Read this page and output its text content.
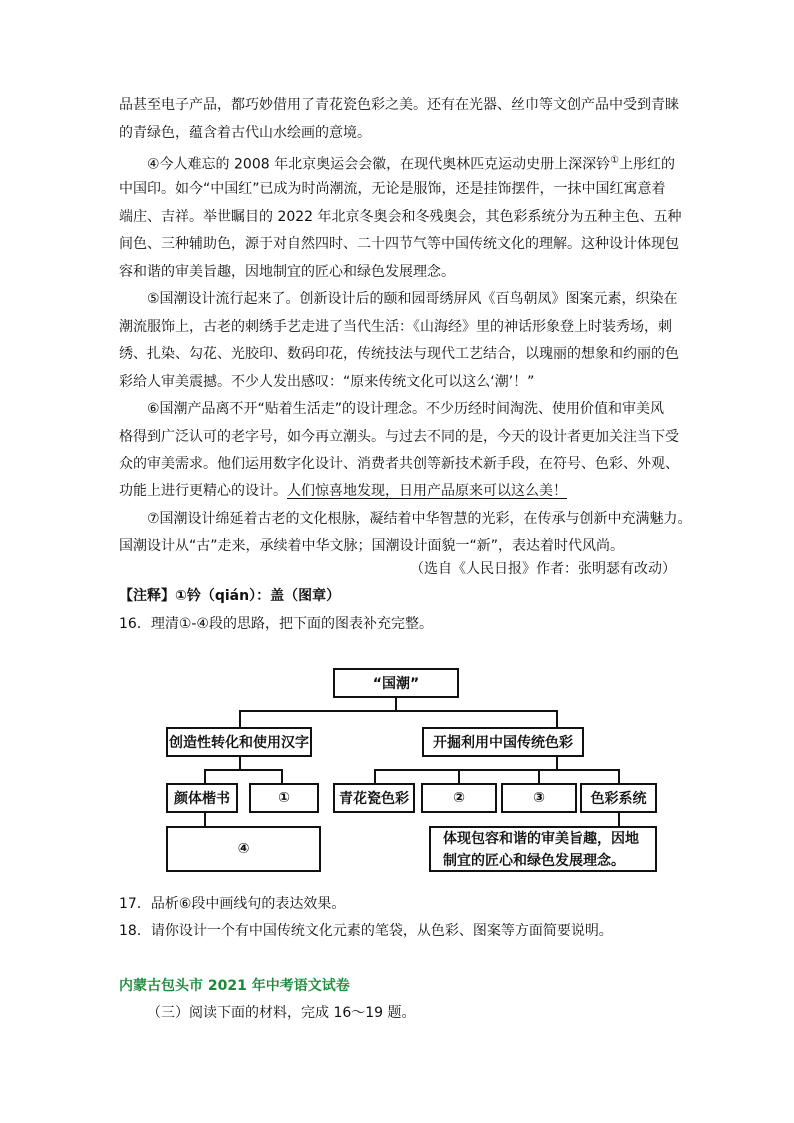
品甚至电子产品，都巧妙借用了青花瓷色彩之美。还有在光器、丝巾等文创产品中受到青睐
的青绿色，蕴含着古代山水绘画的意境。
④今人难忘的 2008 年北京奥运会会徽，在现代奥林匹克运动史册上深深钤①上彤红的
中国印。如今“中国红”已成为时尚潮流，无论是服饰，还是挂饰摆件，一抹中国红寓意着
端庄、吉祥。举世瞩目的 2022 年北京冬奥会和冬残奥会，其色彩系统分为五种主色、五种
间色、三种辅助色，源于对自然四时、二十四节气等中国传统文化的理解。这种设计体现包
容和谐的审美旨趣，因地制宜的匠心和绿色发展理念。
⑤国潮设计流行起来了。创新设计后的颐和园哥绣屏风《百鸟朝凤》图案元素，织染在
潮流服饰上，古老的刺绣手艺走进了当代生活：《山海经》里的神话形象登上时装秀场，刺
绣、扎染、勾花、光胶印、数码印花，传统技法与现代工艺结合，以瑰丽的想象和约丽的色
彩给人审美震撼。不少人发出感叹：“原来传统文化可以这么‘潮’！”
⑥国潮产品离不开“贴着生活走”的设计理念。不少历经时间淘洗、使用价值和审美风
格得到广泛认可的老字号，如今再立潮头。与过去不同的是，今天的设计者更加关注当下受
众的审美需求。他们运用数字化设计、消费者共创等新技术新手段，在符号、色彩、外观、
功能上进行更精心的设计。人们惊喜地发现，日用产品原来可以这么美！
⑦国潮设计绵延着古老的文化根脉，凝结着中华智慧的光彩，在传承与创新中充满魅力。
国潮设计从“古”走来，承续着中华文脉；国潮设计面貌一“新”，表达着时代风尚。
（选自《人民日报》作者：张明瑟有改动）
【注释】①钤（qián）：盖（图章）
16．理清①-④段的思路，把下面的图表补充完整。
“国潮”
创造性转化和使用汉字	开掘利用中国传统色彩
颜体楷书	①
④
青花瓷色彩	②	③	色彩系统
体现包容和谐的审美旨趣，因地
制宜的匠心和绿色发展理念。
17．品析⑥段中画线句的表达效果。
18．请你设计一个有中国传统文化元素的笔袋，从色彩、图案等方面简要说明。
内蒙古包头市 2021 年中考语文试卷
（三）阅读下面的材料，完成 16～19 题。
